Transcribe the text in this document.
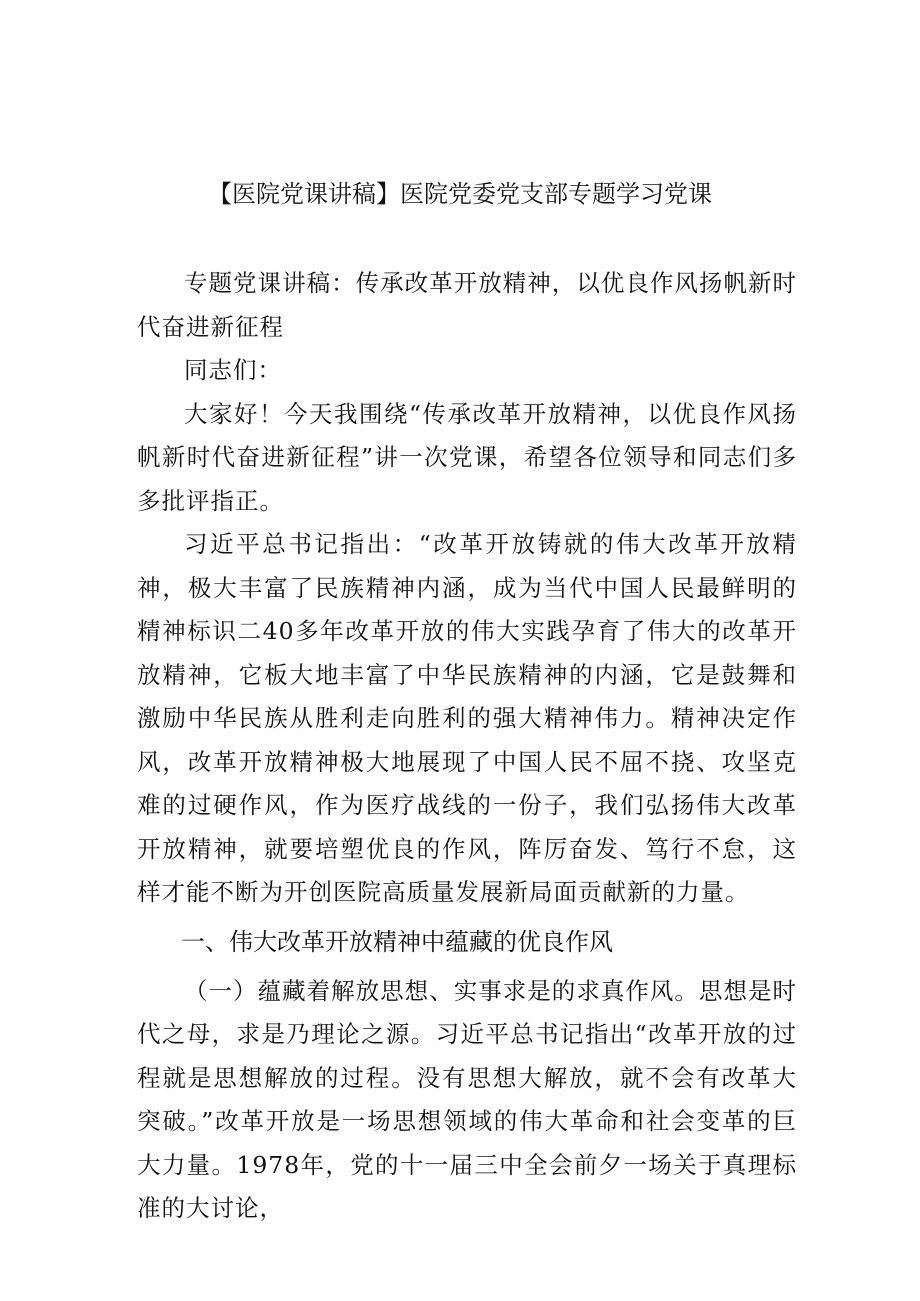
【医院党课讲稿】医院党委党支部专题学习党课

专题党课讲稿：传承改革开放精神，以优良作风扬帆新时代奋进新征程

同志们：

大家好！今天我围绕“传承改革开放精神，以优良作风扬帆新时代奋进新征程”讲一次党课，希望各位领导和同志们多多批评指正。

习近平总书记指出：“改革开放铸就的伟大改革开放精神，极大丰富了民族精神内涵，成为当代中国人民最鲜明的精神标识二40多年改革开放的伟大实践孕育了伟大的改革开放精神，它板大地丰富了中华民族精神的内涵，它是鼓舞和激励中华民族从胜利走向胜利的强大精神伟力。精神决定作风，改革开放精神极大地展现了中国人民不屈不挠、攻坚克难的过硬作风，作为医疗战线的一份子，我们弘扬伟大改革开放精神，就要培塑优良的作风，阵厉奋发、笃行不怠，这样才能不断为开创医院高质量发展新局面贡献新的力量。

一、伟大改革开放精神中蕴藏的优良作风

（一）蕴藏着解放思想、实事求是的求真作风。思想是时代之母，求是乃理论之源。习近平总书记指出“改革开放的过程就是思想解放的过程。没有思想大解放，就不会有改革大突破。”改革开放是一场思想领域的伟大革命和社会变革的巨大力量。1978年，党的十一届三中全会前夕一场关于真理标准的大讨论，
